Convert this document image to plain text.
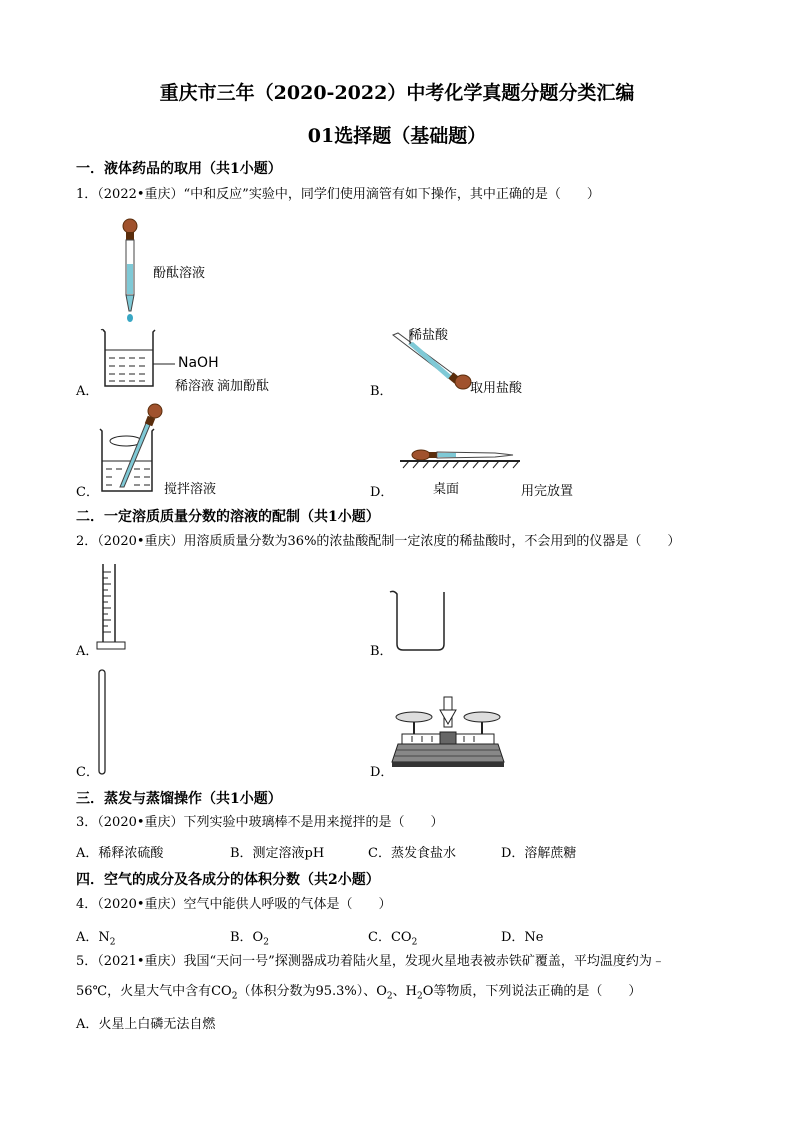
重庆市三年（2020-2022）中考化学真题分题分类汇编
01选择题（基础题）
一．液体药品的取用（共1小题）
1．（2022•重庆）“中和反应”实验中，同学们使用滴管有如下操作，其中正确的是（　　）
酚酞溶液
NaOH
稀溶液 滴加酚酞
A．
稀盐酸
取用盐酸
B．
搅拌溶液
C．	桌面	用完放置
D．
二．一定溶质质量分数的溶液的配制（共1小题）
2．（2020•重庆）用溶质质量分数为36%的浓盐酸配制一定浓度的稀盐酸时，不会用到的仪器是（　　）
A．	B．
C．	D．
三．蒸发与蒸馏操作（共1小题）
3．（2020•重庆）下列实验中玻璃棒不是用来搅拌的是（　　）
A．稀释浓硫酸	B．测定溶液pH	C．蒸发食盐水	D．溶解蔗糖
四．空气的成分及各成分的体积分数（共2小题）
4．（2020•重庆）空气中能供人呼吸的气体是（　　）
A．$N_2$	B．$O_2$	C．$CO_2$	D．Ne
5．（2021•重庆）我国“天问一号”探测器成功着陆火星，发现火星地表被赤铁矿覆盖，平均温度约为﹣
56℃，火星大气中含有$CO_2$（体积分数为95.3%）、$O_2$、$H_2O$等物质，下列说法正确的是（　　）
A．火星上白磷无法自燃
